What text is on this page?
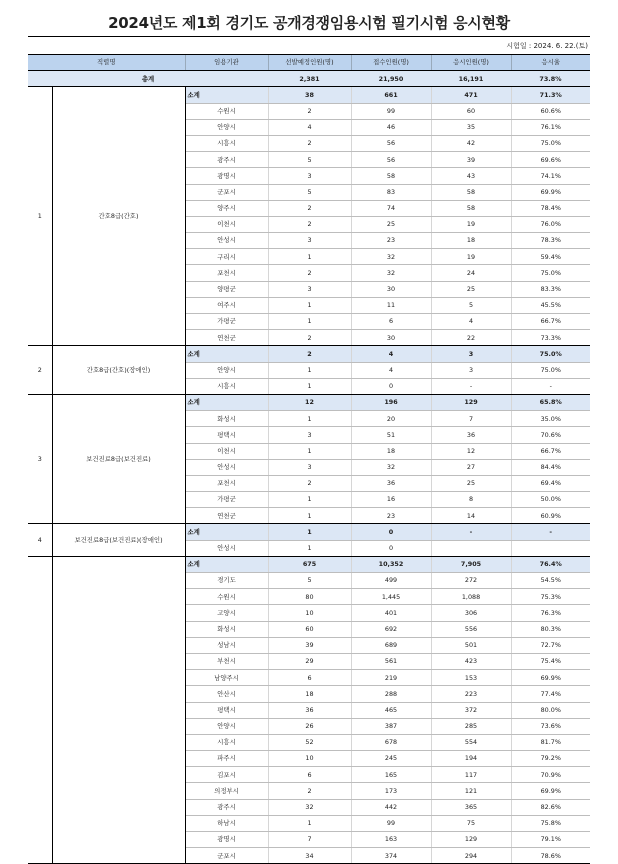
2024년도 제1회 경기도 공개경쟁임용시험 필기시험 응시현황
시험일 : 2024. 6. 22.(토)
직렬명		임용기관	선발예정인원(명)	접수인원(명)	응시인원(명)	응시율
총계			2,381	21,950	16,191	73.8%
1	간호8급(간호)	소계	38	661	471	71.3%
		수원시	2	99	60	60.6%
		안양시	4	46	35	76.1%
		시흥시	2	56	42	75.0%
		광주시	5	56	39	69.6%
		광명시	3	58	43	74.1%
		군포시	5	83	58	69.9%
		양주시	2	74	58	78.4%
		이천시	2	25	19	76.0%
		안성시	3	23	18	78.3%
		구리시	1	32	19	59.4%
		포천시	2	32	24	75.0%
		양평군	3	30	25	83.3%
		여주시	1	11	5	45.5%
		가평군	1	6	4	66.7%
		연천군	2	30	22	73.3%
2	간호8급(간호)(장애인)	소계	2	4	3	75.0%
		안양시	1	4	3	75.0%
		시흥시	1	0	-	-
3	보건진료8급(보건진료)	소계	12	196	129	65.8%
		화성시	1	20	7	35.0%
		평택시	3	51	36	70.6%
		이천시	1	18	12	66.7%
		안성시	3	32	27	84.4%
		포천시	2	36	25	69.4%
		가평군	1	16	8	50.0%
		연천군	1	23	14	60.9%
4	보건진료8급(보건진료)(장애인)	소계	1	0	-	-
		안성시	1	0		
		소계	675	10,352	7,905	76.4%
		경기도	5	499	272	54.5%
		수원시	80	1,445	1,088	75.3%
		고양시	10	401	306	76.3%
		화성시	60	692	556	80.3%
		성남시	39	689	501	72.7%
		부천시	29	561	423	75.4%
		남양주시	6	219	153	69.9%
		안산시	18	288	223	77.4%
		평택시	36	465	372	80.0%
		안양시	26	387	285	73.6%
		시흥시	52	678	554	81.7%
		파주시	10	245	194	79.2%
		김포시	6	165	117	70.9%
		의정부시	2	173	121	69.9%
		광주시	32	442	365	82.6%
		하남시	1	99	75	75.8%
		광명시	7	163	129	79.1%
		군포시	34	374	294	78.6%
